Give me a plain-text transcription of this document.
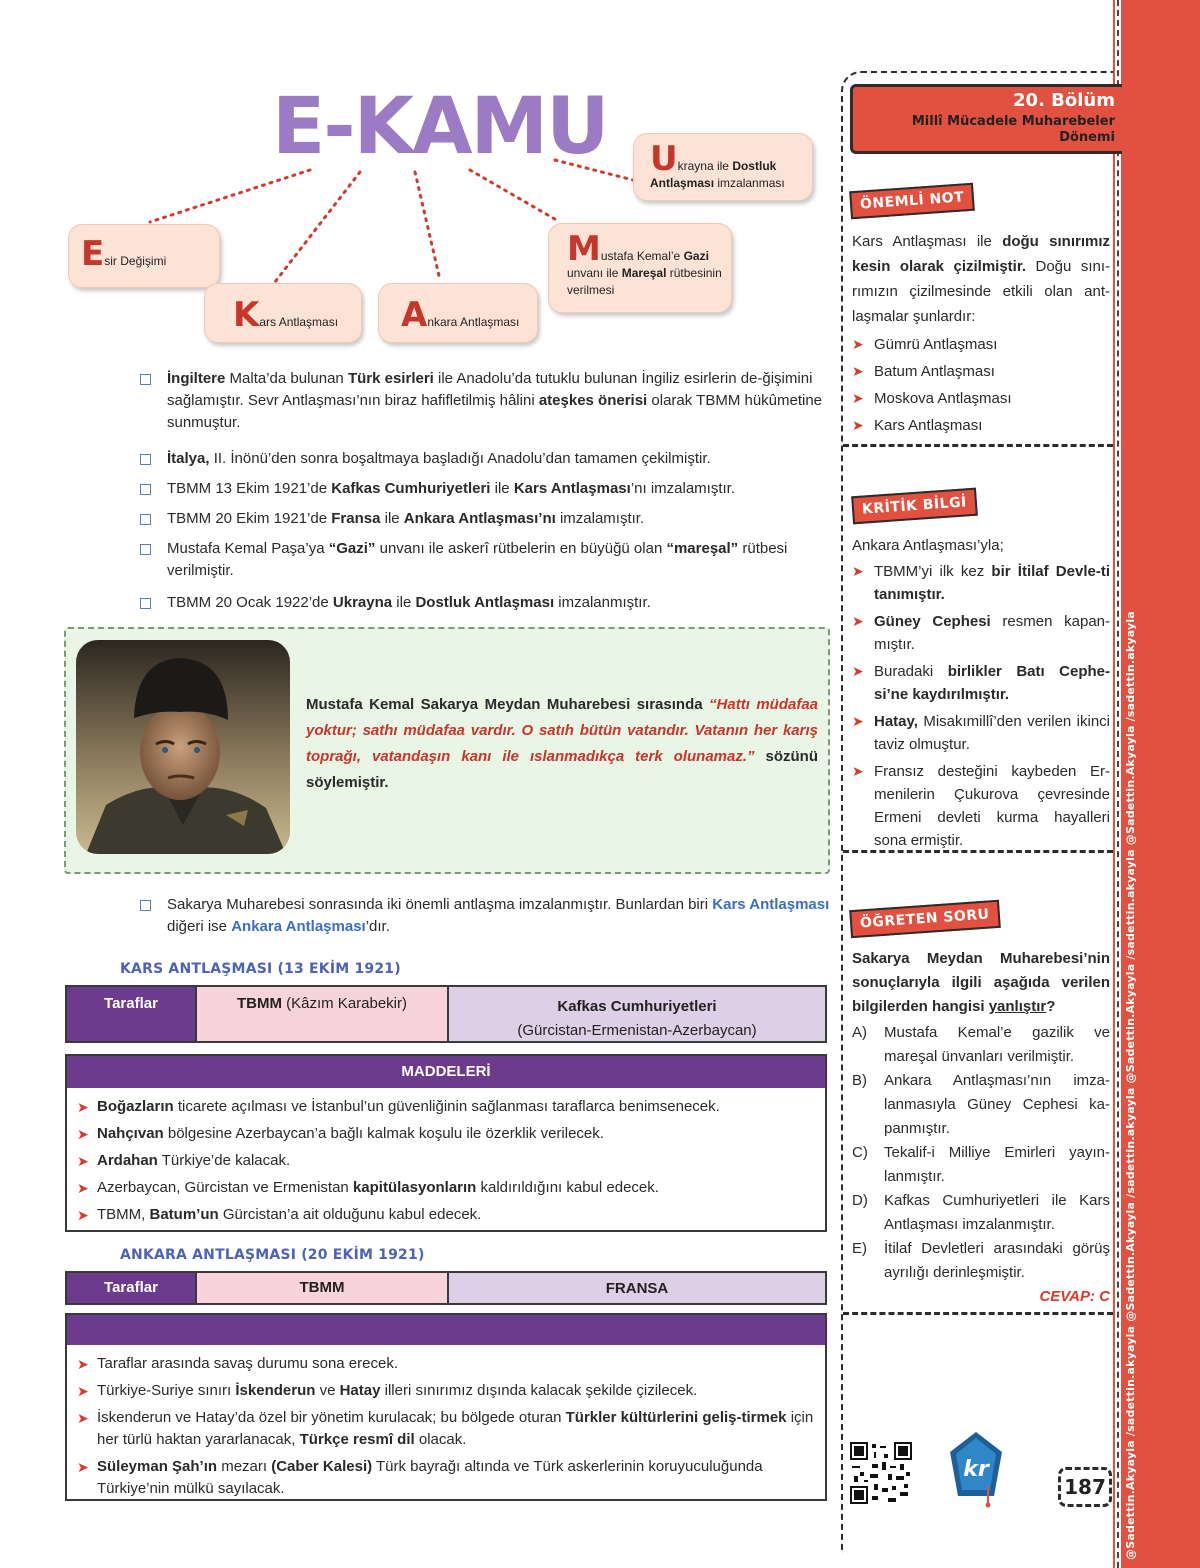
@Sadettin.Akyayla /sadettin.akyayla @Sadettin.Akyayla /sadettin.akyayla @Sadettin.Akyayla /sadettin.akyayla @Sadettin.Akyayla /sadettin.akyayla
E-KAMU
Esir Değişimi
Kars Antlaşması	Ankara Antlaşması
Mustafa Kemal’e Gazi
unvanı ile Mareşal rütbesinin
verilmesi
Ukrayna ile Dostluk
Antlaşması imzalanması
İngiltere Malta’da bulunan Türk esirleri ile Anadolu’da tutuklu bulunan İngiliz esirlerin de-ğişimini sağlamıştır. Sevr Antlaşması’nın biraz hafifletilmiş hâlini ateşkes önerisi olarak TBMM hükûmetine sunmuştur.
İtalya, II. İnönü’den sonra boşaltmaya başladığı Anadolu’dan tamamen çekilmiştir.
TBMM 13 Ekim 1921’de Kafkas Cumhuriyetleri ile Kars Antlaşması’nı imzalamıştır.
TBMM 20 Ekim 1921’de Fransa ile Ankara Antlaşması’nı imzalamıştır.
Mustafa Kemal Paşa’ya “Gazi” unvanı ile askerî rütbelerin en büyüğü olan “mareşal” rütbesi verilmiştir.
TBMM 20 Ocak 1922’de Ukrayna ile Dostluk Antlaşması imzalanmıştır.
Mustafa Kemal Sakarya Meydan Muharebesi sırasında “Hattı müdafaa yoktur; sathı müdafaa vardır. O satıh bütün vatandır. Vatanın her karış toprağı, vatandaşın kanı ile ıslanmadıkça terk olunamaz.” sözünü söylemiştir.
Sakarya Muharebesi sonrasında iki önemli antlaşma imzalanmıştır. Bunlardan biri Kars Antlaşması diğeri ise Ankara Antlaşması’dır.
KARS ANTLAŞMASI (13 EKİM 1921)
Taraflar	TBMM (Kâzım Karabekir)	Kafkas Cumhuriyetleri
(Gürcistan-Ermenistan-Azerbaycan)
MADDELERİ
➤ Boğazların ticarete açılması ve İstanbul’un güvenliğinin sağlanması taraflarca benimsenecek.
➤ Nahçıvan bölgesine Azerbaycan’a bağlı kalmak koşulu ile özerklik verilecek.
➤ Ardahan Türkiye’de kalacak.
➤ Azerbaycan, Gürcistan ve Ermenistan kapitülasyonların kaldırıldığını kabul edecek.
➤ TBMM, Batum’un Gürcistan’a ait olduğunu kabul edecek.
ANKARA ANTLAŞMASI (20 EKİM 1921)
Taraflar	TBMM	FRANSA
➤ Taraflar arasında savaş durumu sona erecek.
➤ Türkiye-Suriye sınırı İskenderun ve Hatay illeri sınırımız dışında kalacak şekilde çizilecek.
➤ İskenderun ve Hatay’da özel bir yönetim kurulacak; bu bölgede oturan Türkler kültürlerini geliş-tirmek için her türlü haktan yararlanacak, Türkçe resmî dil olacak.
➤ Süleyman Şah’ın mezarı (Caber Kalesi) Türk bayrağı altında ve Türk askerlerinin koruyuculuğunda Türkiye’nin mülkü sayılacak.
20. Bölüm
Millî Mücadele Muharebeler
Dönemi
ÖNEMLİ NOT
Kars Antlaşması ile doğu sınırımız kesin olarak çizilmiştir. Doğu sını-rımızın çizilmesinde etkili olan ant-laşmalar şunlardır:
➤ Gümrü Antlaşması
➤ Batum Antlaşması
➤ Moskova Antlaşması
➤ Kars Antlaşması
KRİTİK BİLGİ
Ankara Antlaşması’yla;
➤ TBMM’yi ilk kez bir İtilaf Devle-ti tanımıştır.
➤ Güney Cephesi resmen kapan-mıştır.
➤ Buradaki birlikler Batı Cephe-si’ne kaydırılmıştır.
➤ Hatay, Misakımillî’den verilen ikinci taviz olmuştur.
➤ Fransız desteğini kaybeden Er-menilerin Çukurova çevresinde Ermeni devleti kurma hayalleri sona ermiştir.
ÖĞRETEN SORU
Sakarya Meydan Muharebesi’nin sonuçlarıyla ilgili aşağıda verilen bilgilerden hangisi yanlıştır?
A) Mustafa Kemal’e gazilik ve mareşal ünvanları verilmiştir.
B) Ankara Antlaşması’nın imza-lanmasıyla Güney Cephesi ka-panmıştır.
C) Tekalif-i Milliye Emirleri yayın-lanmıştır.
D) Kafkas Cumhuriyetleri ile Kars Antlaşması imzalanmıştır.
E) İtilaf Devletleri arasındaki görüş ayrılığı derinleşmiştir.
CEVAP: C
kr
187
